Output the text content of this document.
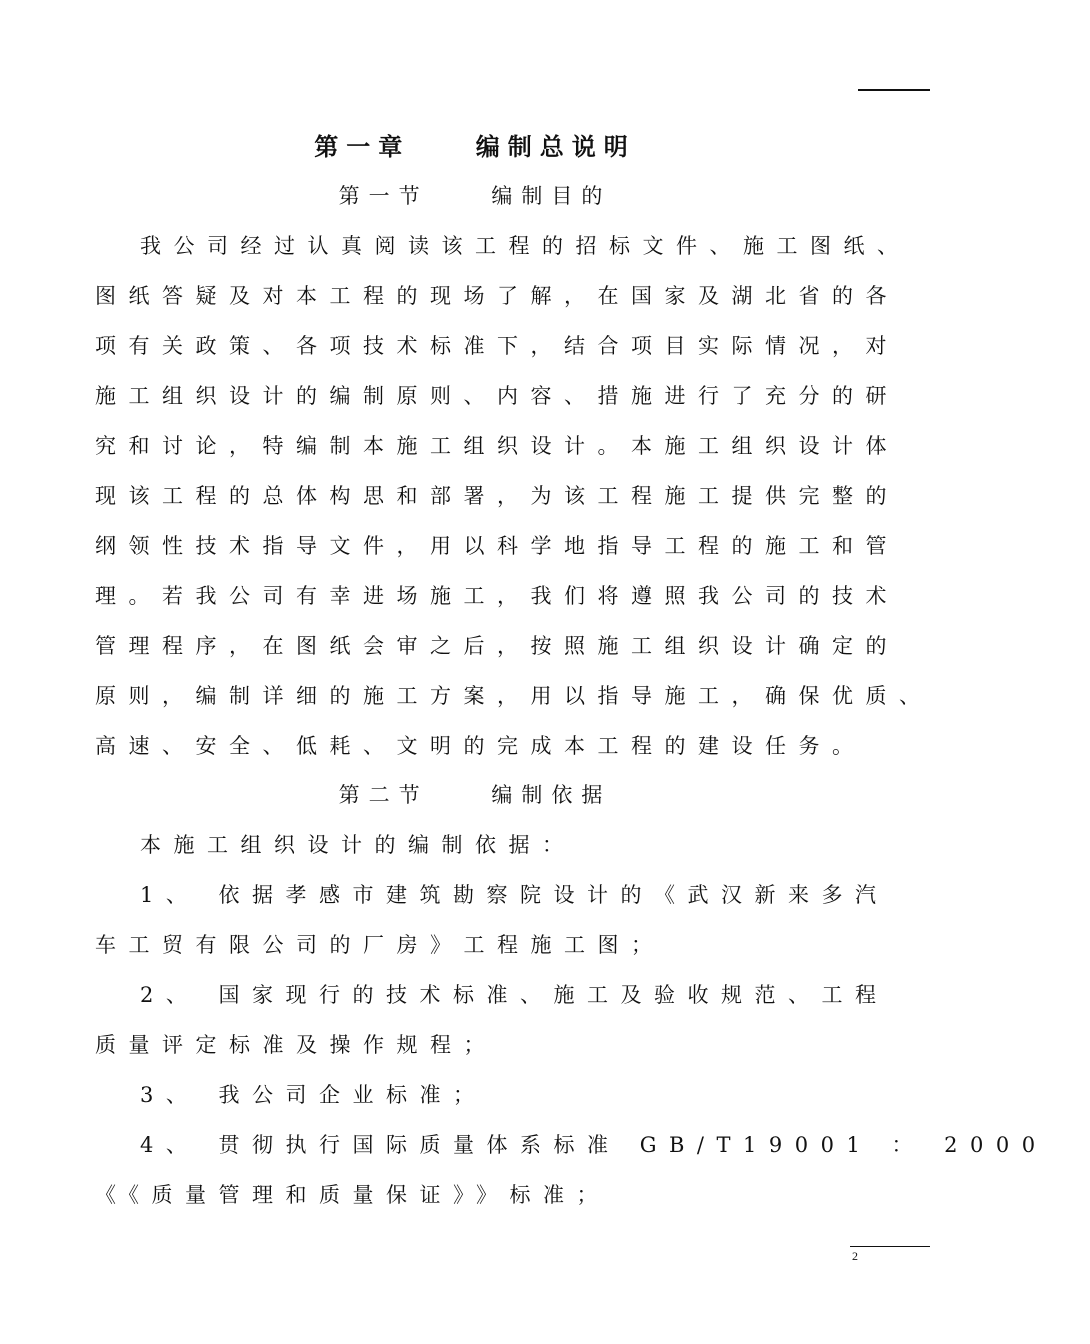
第一章    编制总说明
第一节    编制目的
我公司经过认真阅读该工程的招标文件、施工图纸、
图纸答疑及对本工程的现场了解，在国家及湖北省的各
项有关政策、各项技术标准下，结合项目实际情况，对
施工组织设计的编制原则、内容、措施进行了充分的研
究和讨论，特编制本施工组织设计。本施工组织设计体
现该工程的总体构思和部署，为该工程施工提供完整的
纲领性技术指导文件，用以科学地指导工程的施工和管
理。若我公司有幸进场施工，我们将遵照我公司的技术
管理程序，在图纸会审之后，按照施工组织设计确定的
原则，编制详细的施工方案，用以指导施工，确保优质、
高速、安全、低耗、文明的完成本工程的建设任务。
第二节    编制依据
本施工组织设计的编制依据：
1、 依据孝感市建筑勘察院设计的《武汉新来多汽
车工贸有限公司的厂房》工程施工图；
2、 国家现行的技术标准、施工及验收规范、工程
质量评定标准及操作规程；
3、 我公司企业标准；
4、 贯彻执行国际质量体系标准 GB/T19001 ： 2000
《《质量管理和质量保证》》标准；
2
